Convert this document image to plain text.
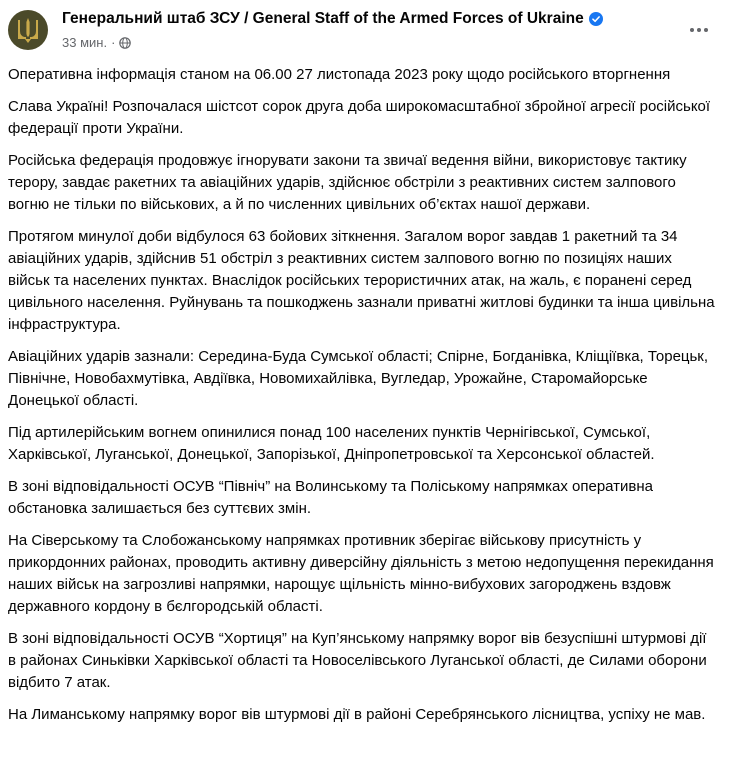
Генеральний штаб ЗСУ / General Staff of the Armed Forces of Ukraine
33 мин. ·

Оперативна інформація станом на 06.00 27 листопада 2023 року щодо російського вторгнення

Слава Україні! Розпочалася шістсот сорок друга доба широкомасштабної збройної агресії російської федерації проти України.

Російська федерація продовжує ігнорувати закони та звичаї ведення війни, використовує тактику терору, завдає ракетних та авіаційних ударів, здійснює обстріли з реактивних систем залпового вогню не тільки по військових, а й по численних цивільних об’єктах нашої держави.

Протягом минулої доби відбулося 63 бойових зіткнення. Загалом ворог завдав 1 ракетний та 34 авіаційних ударів, здійснив 51 обстріл з реактивних систем залпового вогню по позиціях наших військ та населених пунктах. Внаслідок російських терористичних атак, на жаль, є поранені серед цивільного населення. Руйнувань та пошкоджень зазнали приватні житлові будинки та інша цивільна інфраструктура.

Авіаційних ударів зазнали: Середина-Буда Сумської області; Спірне, Богданівка, Кліщіївка, Торецьк, Північне, Новобахмутівка, Авдіївка, Новомихайлівка, Вугледар, Урожайне, Старомайорське Донецької області.

Під артилерійським вогнем опинилися понад 100 населених пунктів Чернігівської, Сумської, Харківської, Луганської, Донецької, Запорізької, Дніпропетровської та Херсонської областей.

В зоні відповідальності ОСУВ “Північ” на Волинському та Поліському напрямках оперативна обстановка залишається без суттєвих змін.

На Сіверському та Слобожанському напрямках противник зберігає військову присутність у прикордонних районах, проводить активну диверсійну діяльність з метою недопущення перекидання наших військ на загрозливі напрямки, нарощує щільність мінно-вибухових загороджень вздовж державного кордону в бєлгородській області.

В зоні відповідальності ОСУВ “Хортиця” на Куп’янському напрямку ворог вів безуспішні штурмові дії в районах Синьківки Харківської області та Новоселівського Луганської області, де Силами оборони відбито 7 атак.

На Лиманському напрямку ворог вів штурмові дії в районі Серебрянського лісництва, успіху не мав.
